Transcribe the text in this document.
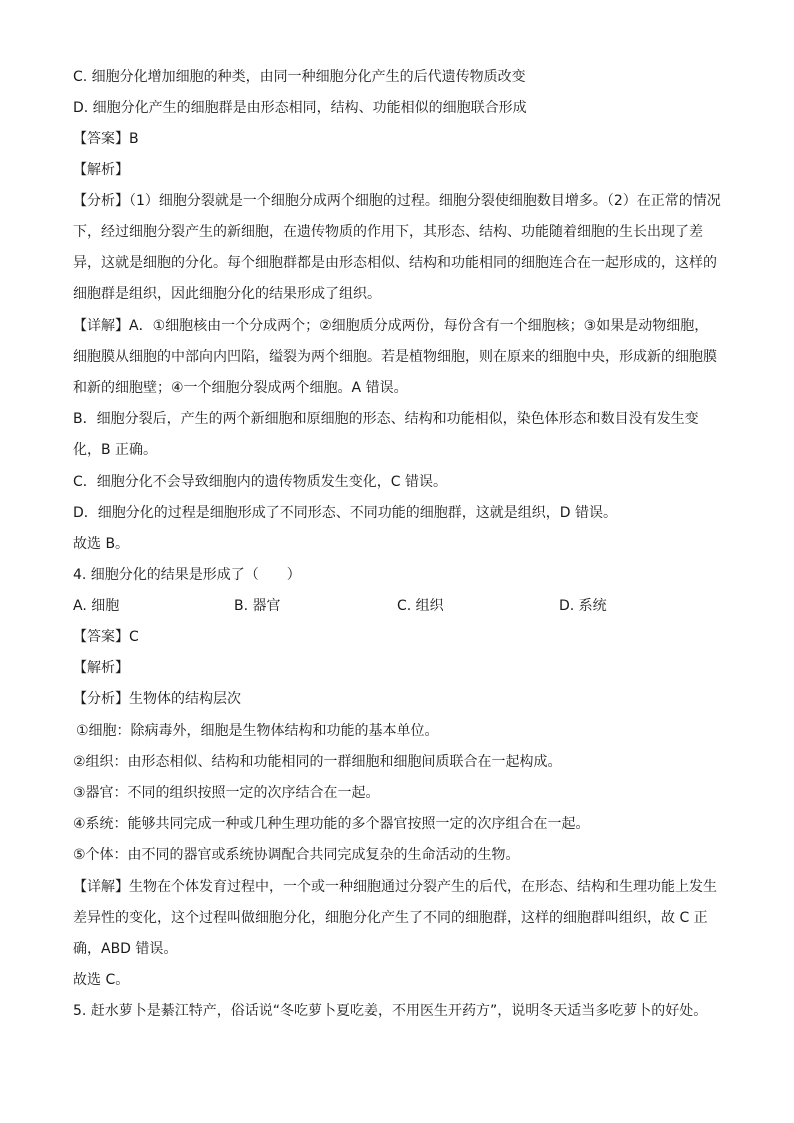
C. 细胞分化增加细胞的种类，由同一种细胞分化产生的后代遗传物质改变
D. 细胞分化产生的细胞群是由形态相同，结构、功能相似的细胞联合形成
【答案】B
【解析】
【分析】（1）细胞分裂就是一个细胞分成两个细胞的过程。细胞分裂使细胞数目增多。（2）在正常的情况
下，经过细胞分裂产生的新细胞，在遗传物质的作用下，其形态、结构、功能随着细胞的生长出现了差
异，这就是细胞的分化。每个细胞群都是由形态相似、结构和功能相同的细胞连合在一起形成的，这样的
细胞群是组织，因此细胞分化的结果形成了组织。
【详解】A．①细胞核由一个分成两个；②细胞质分成两份，每份含有一个细胞核；③如果是动物细胞，
细胞膜从细胞的中部向内凹陷，缢裂为两个细胞。若是植物细胞，则在原来的细胞中央，形成新的细胞膜
和新的细胞壁；④一个细胞分裂成两个细胞。A 错误。
B．细胞分裂后，产生的两个新细胞和原细胞的形态、结构和功能相似，染色体形态和数目没有发生变
化，B 正确。
C．细胞分化不会导致细胞内的遗传物质发生变化，C 错误。
D．细胞分化的过程是细胞形成了不同形态、不同功能的细胞群，这就是组织，D 错误。
故选 B。
4. 细胞分化的结果是形成了（　　）
A. 细胞	B. 器官	C. 组织	D. 系统
【答案】C
【解析】
【分析】生物体的结构层次
①细胞：除病毒外，细胞是生物体结构和功能的基本单位。
②组织：由形态相似、结构和功能相同的一群细胞和细胞间质联合在一起构成。
③器官：不同的组织按照一定的次序结合在一起。
④系统：能够共同完成一种或几种生理功能的多个器官按照一定的次序组合在一起。
⑤个体：由不同的器官或系统协调配合共同完成复杂的生命活动的生物。
【详解】生物在个体发育过程中，一个或一种细胞通过分裂产生的后代，在形态、结构和生理功能上发生
差异性的变化，这个过程叫做细胞分化，细胞分化产生了不同的细胞群，这样的细胞群叫组织，故 C 正
确，ABD 错误。
故选 C。
5. 赶水萝卜是綦江特产，俗话说“冬吃萝卜夏吃姜，不用医生开药方”，说明冬天适当多吃萝卜的好处。
